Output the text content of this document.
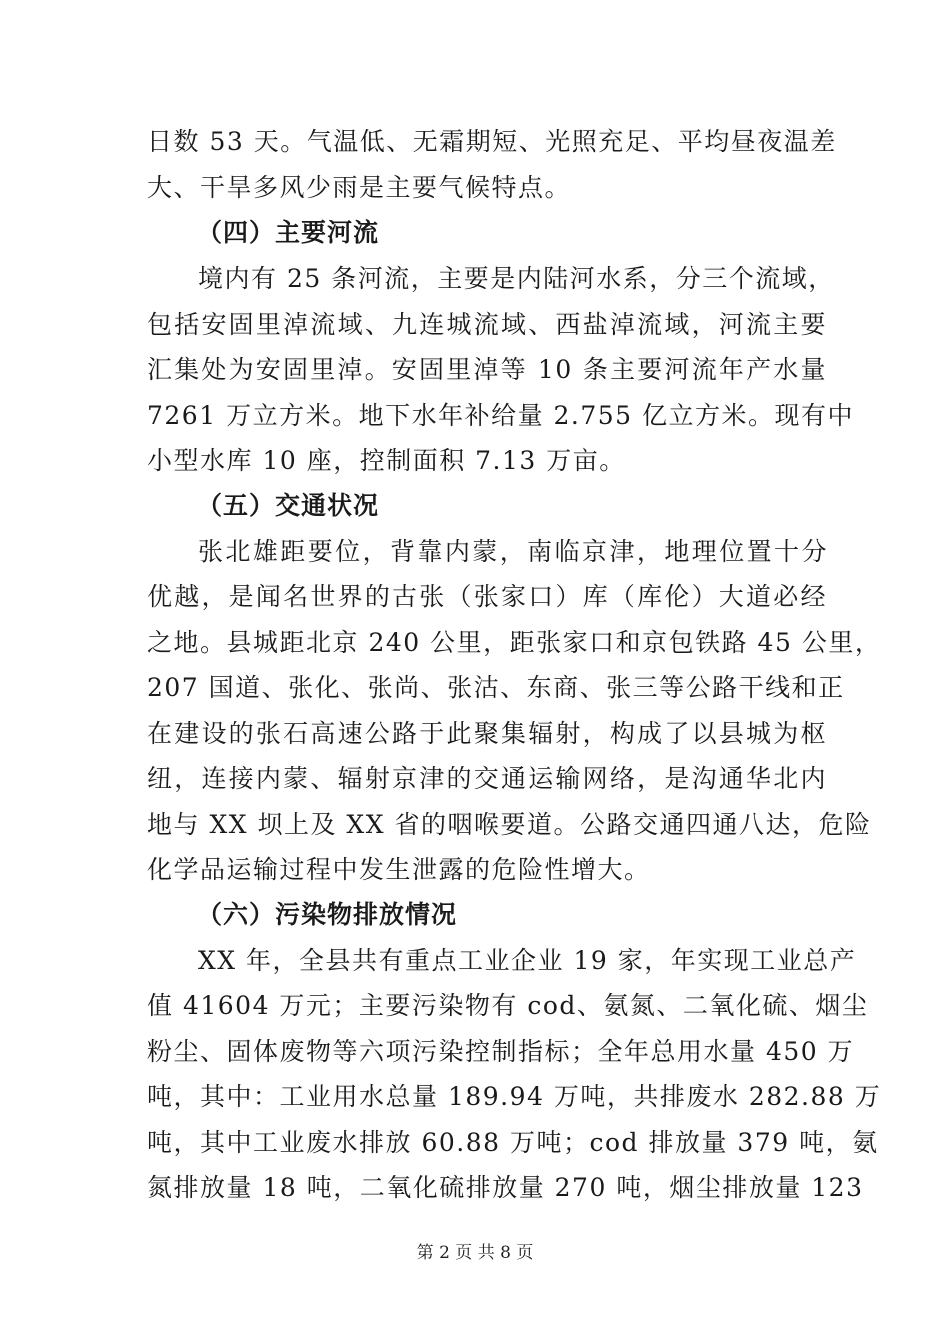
日数 53 天。气温低、无霜期短、光照充足、平均昼夜温差
大、干旱多风少雨是主要气候特点。
（四）主要河流
境内有 25 条河流，主要是内陆河水系，分三个流域，
包括安固里淖流域、九连城流域、西盐淖流域，河流主要
汇集处为安固里淖。安固里淖等 10 条主要河流年产水量
7261 万立方米。地下水年补给量 2.755 亿立方米。现有中
小型水库 10 座，控制面积 7.13 万亩。
（五）交通状况
张北雄距要位，背靠内蒙，南临京津，地理位置十分
优越，是闻名世界的古张（张家口）库（库伦）大道必经
之地。县城距北京 240 公里，距张家口和京包铁路 45 公里，
207 国道、张化、张尚、张沽、东商、张三等公路干线和正
在建设的张石高速公路于此聚集辐射，构成了以县城为枢
纽，连接内蒙、辐射京津的交通运输网络，是沟通华北内
地与 XX 坝上及 XX 省的咽喉要道。公路交通四通八达，危险
化学品运输过程中发生泄露的危险性增大。
（六）污染物排放情况
XX 年，全县共有重点工业企业 19 家，年实现工业总产
值 41604 万元；主要污染物有 cod、氨氮、二氧化硫、烟尘
粉尘、固体废物等六项污染控制指标；全年总用水量 450 万
吨，其中：工业用水总量 189.94 万吨，共排废水 282.88 万
吨，其中工业废水排放 60.88 万吨；cod 排放量 379 吨，氨
氮排放量 18 吨，二氧化硫排放量 270 吨，烟尘排放量 123
第 2 页 共 8 页
